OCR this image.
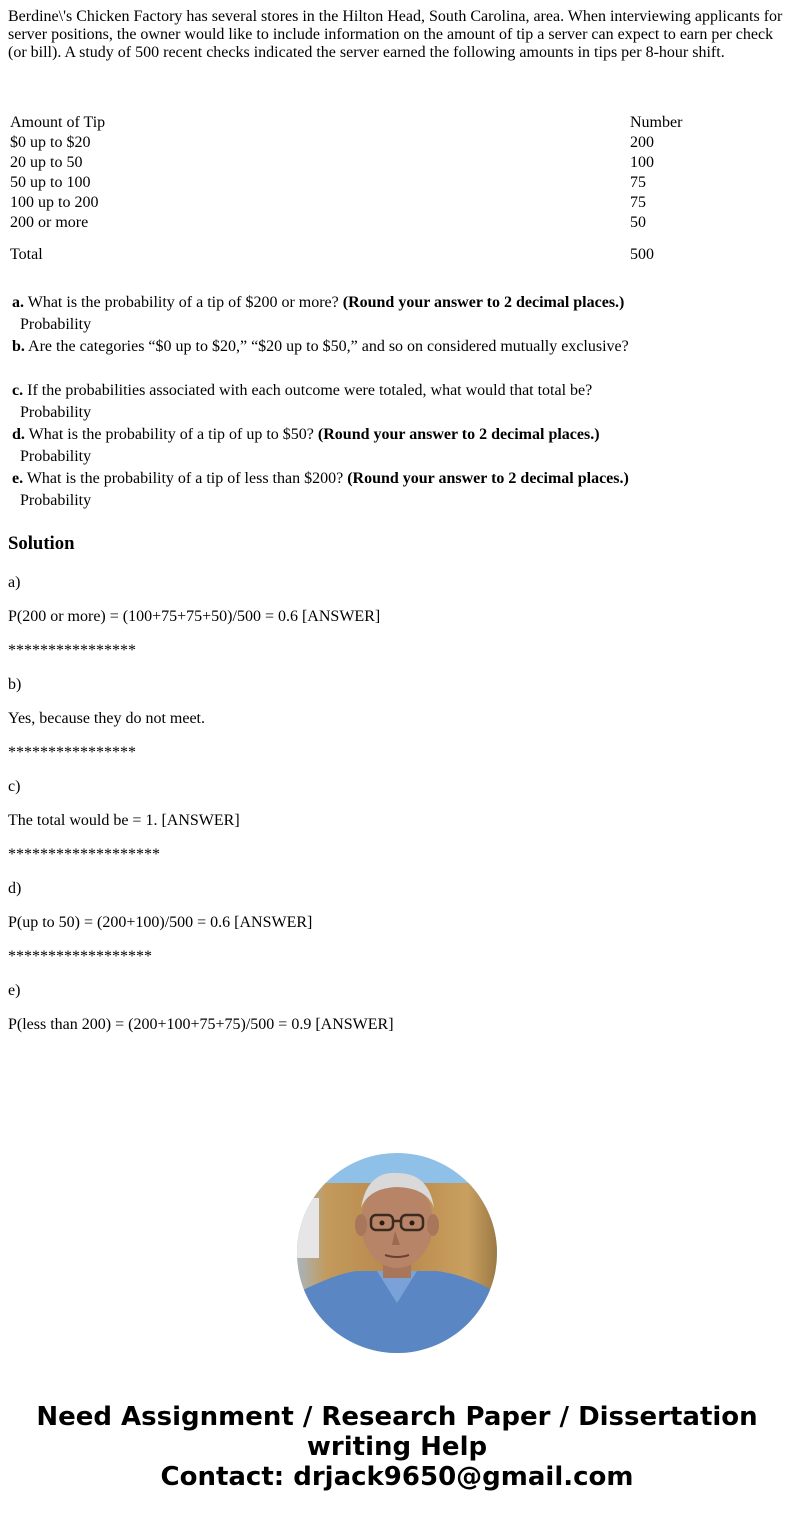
Berdine\'s Chicken Factory has several stores in the Hilton Head, South Carolina, area. When interviewing applicants for server positions, the owner would like to include information on the amount of tip a server can expect to earn per check (or bill). A study of 500 recent checks indicated the server earned the following amounts in tips per 8-hour shift.

Amount of Tip	Number
$0 up to $20	200
20 up to 50	100
50 up to 100	75
100 up to 200	75
200 or more	50

Total	500
a. What is the probability of a tip of $200 or more? (Round your answer to 2 decimal places.)
Probability
b. Are the categories “$0 up to $20,” “$20 up to $50,” and so on considered mutually exclusive?
c. If the probabilities associated with each outcome were totaled, what would that total be?
Probability
d. What is the probability of a tip of up to $50? (Round your answer to 2 decimal places.)
Probability
e. What is the probability of a tip of less than $200? (Round your answer to 2 decimal places.)
Probability
Solution

a)

P(200 or more) = (100+75+75+50)/500 = 0.6 [ANSWER]

****************

b)

Yes, because they do not meet.

****************

c)

The total would be = 1. [ANSWER]

*******************

d)

P(up to 50) = (200+100)/500 = 0.6 [ANSWER]

******************

e)

P(less than 200) = (200+100+75+75)/500 = 0.9 [ANSWER]

Need Assignment / Research Paper / Dissertation
writing Help
Contact: drjack9650@gmail.com
